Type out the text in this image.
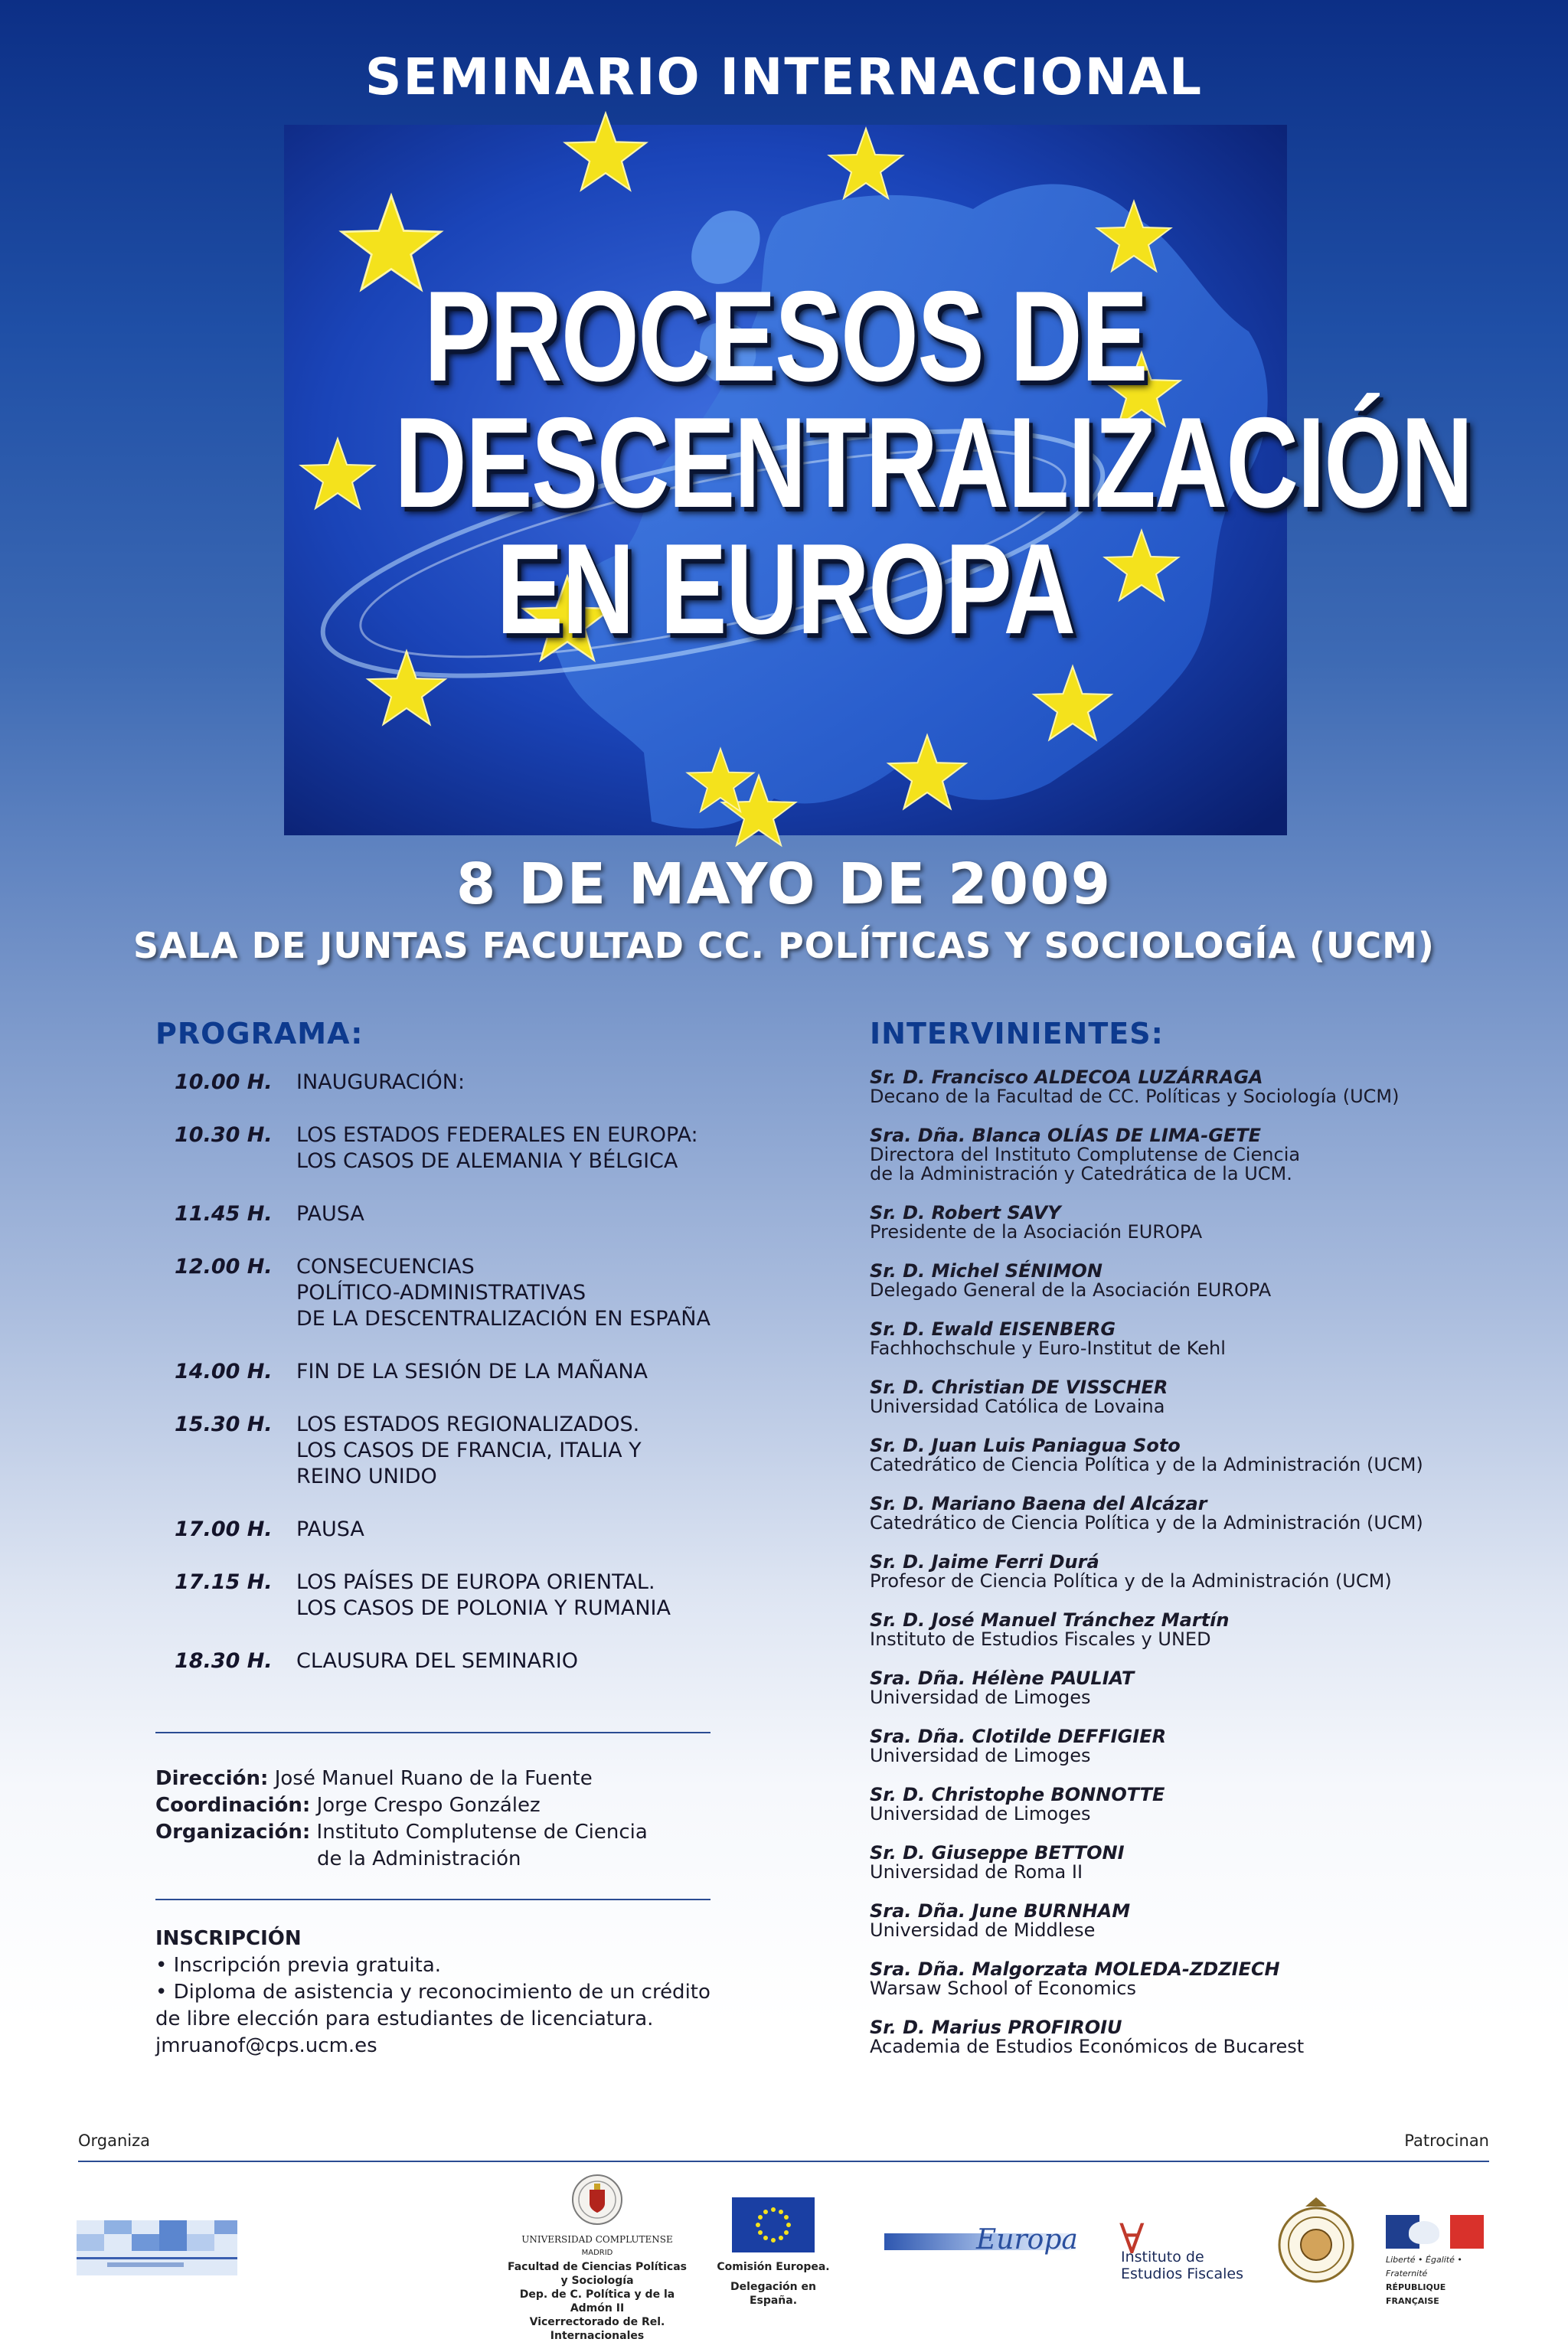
SEMINARIO INTERNACIONAL
PROCESOS DE
DESCENTRALIZACIÓN
EN EUROPA
8 DE MAYO DE 2009
SALA DE JUNTAS FACULTAD CC. POLÍTICAS Y SOCIOLOGÍA (UCM)
PROGRAMA:
10.00 H. INAUGURACIÓN:
10.30 H. LOS ESTADOS FEDERALES EN EUROPA:
LOS CASOS DE ALEMANIA Y BÉLGICA
11.45 H. PAUSA
12.00 H. CONSECUENCIAS
POLÍTICO-ADMINISTRATIVAS
DE LA DESCENTRALIZACIÓN EN ESPAÑA
14.00 H. FIN DE LA SESIÓN DE LA MAÑANA
15.30 H. LOS ESTADOS REGIONALIZADOS.
LOS CASOS DE FRANCIA, ITALIA Y
REINO UNIDO
17.00 H. PAUSA
17.15 H. LOS PAÍSES DE EUROPA ORIENTAL.
LOS CASOS DE POLONIA Y RUMANIA
18.30 H. CLAUSURA DEL SEMINARIO
Dirección: José Manuel Ruano de la Fuente
Coordinación: Jorge Crespo González
Organización: Instituto Complutense de Ciencia
de la Administración
INSCRIPCIÓN
• Inscripción previa gratuita.
• Diploma de asistencia y reconocimiento de un crédito
de libre elección para estudiantes de licenciatura.
jmruanof@cps.ucm.es
INTERVINIENTES:
Sr. D. Francisco ALDECOA LUZÁRRAGA
Decano de la Facultad de CC. Políticas y Sociología (UCM)
Sra. Dña. Blanca OLÍAS DE LIMA-GETE
Directora del Instituto Complutense de Ciencia
de la Administración y Catedrática de la UCM.
Sr. D. Robert SAVY
Presidente de la Asociación EUROPA
Sr. D. Michel SÉNIMON
Delegado General de la Asociación EUROPA
Sr. D. Ewald EISENBERG
Fachhochschule y Euro-Institut de Kehl
Sr. D. Christian DE VISSCHER
Universidad Católica de Lovaina
Sr. D. Juan Luis Paniagua Soto
Catedrático de Ciencia Política y de la Administración (UCM)
Sr. D. Mariano Baena del Alcázar
Catedrático de Ciencia Política y de la Administración (UCM)
Sr. D. Jaime Ferri Durá
Profesor de Ciencia Política y de la Administración (UCM)
Sr. D. José Manuel Tránchez Martín
Instituto de Estudios Fiscales y UNED
Sra. Dña. Hélène PAULIAT
Universidad de Limoges
Sra. Dña. Clotilde DEFFIGIER
Universidad de Limoges
Sr. D. Christophe BONNOTTE
Universidad de Limoges
Sr. D. Giuseppe BETTONI
Universidad de Roma II
Sra. Dña. June BURNHAM
Universidad de Middlese
Sra. Dña. Malgorzata MOLEDA-ZDZIECH
Warsaw School of Economics
Sr. D. Marius PROFIROIU
Academia de Estudios Económicos de Bucarest
Organiza	Patrocinan
UNIVERSIDAD COMPLUTENSE
MADRID
Facultad de Ciencias Políticas y Sociología
Dep. de C. Política y de la Admón II
Vicerrectorado de Rel. Internacionales
Comisión Europea.
Delegación en España.
Europa ∀
Instituto de Estudios Fiscales
Liberté • Égalité • Fraternité
RÉPUBLIQUE FRANÇAISE
